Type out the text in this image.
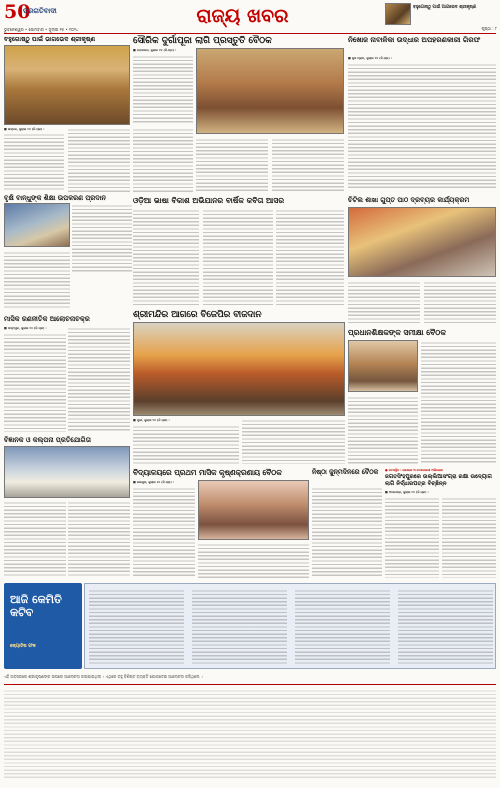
50
ପ୍ରଗତିବାଦୀ
ଭୁବନେଶ୍ୱର • ସୋମବାର • ଜୁଲାଇ ୧୫ • ୨୦୨୪
ରାଜ୍ୟ ଖବର	ବହୁଗୋଷ୍ଠୁ ପାଇଁ ଆଗଭେଦ ଶ୍ରୀକୃଷ୍ଣ
ପୃଷ୍ଠା : ୮
ବହୁଗୋଷ୍ଠୁ ପାଇଁ ଭାଗଭେଦ ଶ୍ରୀକୃଷ୍ଣ
■ ଭଦ୍ରକ, ଜୁଲାଇ ୧୪ (ନି.ପ୍ର) :
ବୃକ୍ଷି ବାନ୍ଧୁଙ୍କ ଶିକ୍ଷା ଉପକରଣ ପ୍ରଦାନ
ମାସିକ ରଣନୀତିକ ଆଲୋଚନାଚକ୍ର
■ ପଦ୍ମପୁର, ଜୁଲାଇ ୧୪ (ନି.ପ୍ର) :
ବିଜ୍ଞାନକ ଓ କଲ୍ପନା ପ୍ରତିଯୋଗିତା
ଆଜି କେମିତି କଟିବ
ଜ୍ୟୋତିଷ ଫଳ
ସୌରିକ ଦୁର୍ଗାପୂଜା ଲାଗି ପ୍ରସ୍ତୁତି ବୈଠକ
■ ଧାମନଗର, ଜୁଲାଇ ୧୪ (ନି.ପ୍ର) :
ଓଡ଼ିଆ ଭାଷା ବିକାଶ ଅଭିଯାନର ବାର୍ଷିକ କବିତା ଆସର
ଶ୍ରୀମନ୍ଦିର ଆଗରେ ବିଜେପିର ବୀଜଦାନ
■ ପୁରୀ, ଜୁଲାଇ ୧୪ (ନି.ପ୍ର) :
ବିଦ୍ୟାଳୟରେ ପ୍ରଥମ ମାସିକ କୃଷ୍ଣକ୍ରଣାୟ ବୈଠକ
■ ଜାଜପୁର, ଜୁଲାଇ ୧୪ (ନି.ପ୍ର) :
ନିଷ୍ଠା ଜୁନ୍ମଦିନରେ ବୈଠକ
ନିଖୋଜ ନାବାଳିକା ଉଦ୍ଧାର ଅପହରଣକାରୀ ଗିରଫ
■ କୁଳ ଗ୍ରାମ, ଜୁଲାଇ ୧୪ (ନି.ପ୍ର) :
ଚିଟିଲ ଶାଖା ଗୁପ୍ତ ପାଠ ଦ୍ରବ୍ୟର କାର୍ଯ୍ୟକ୍ରମ
ପ୍ରଧାନଶିକ୍ଷକଙ୍କ ସମୀକ୍ଷା ବୈଠକ
● କଟକସ୍ଥିତ : ଶେଷରେ ୩ ବେସରକାରୀ ଅଭିଯୋଗ
ଜଗତସିଂହପୁରରେ ଉଲ୍ଲିଆସଂଗ୍ରା ରକ୍ଷା ଉଦ୍ୟୋଗ ଲାଗି ନିର୍ଦ୍ଧାରପତ୍ର ବିଚ୍ଛିନ୍ନ
■ ଅଗରପଡ଼ା, ଜୁଲାଇ ୧୪ (ନି.ପ୍ର) :
ଏହି ଅବସରରେ ଶ୍ରୀକୃଷ୍ଣଙ୍କ ଉପରେ ଆଲୋଚନା କରାଯାଇଥିଲା । ଏଥିରେ ବହୁ ବିଶିଷ୍ଟ ବ୍ୟକ୍ତି ଯୋଗଦେଇ ଆଲୋଚନା କରିଥିଲେ ।
